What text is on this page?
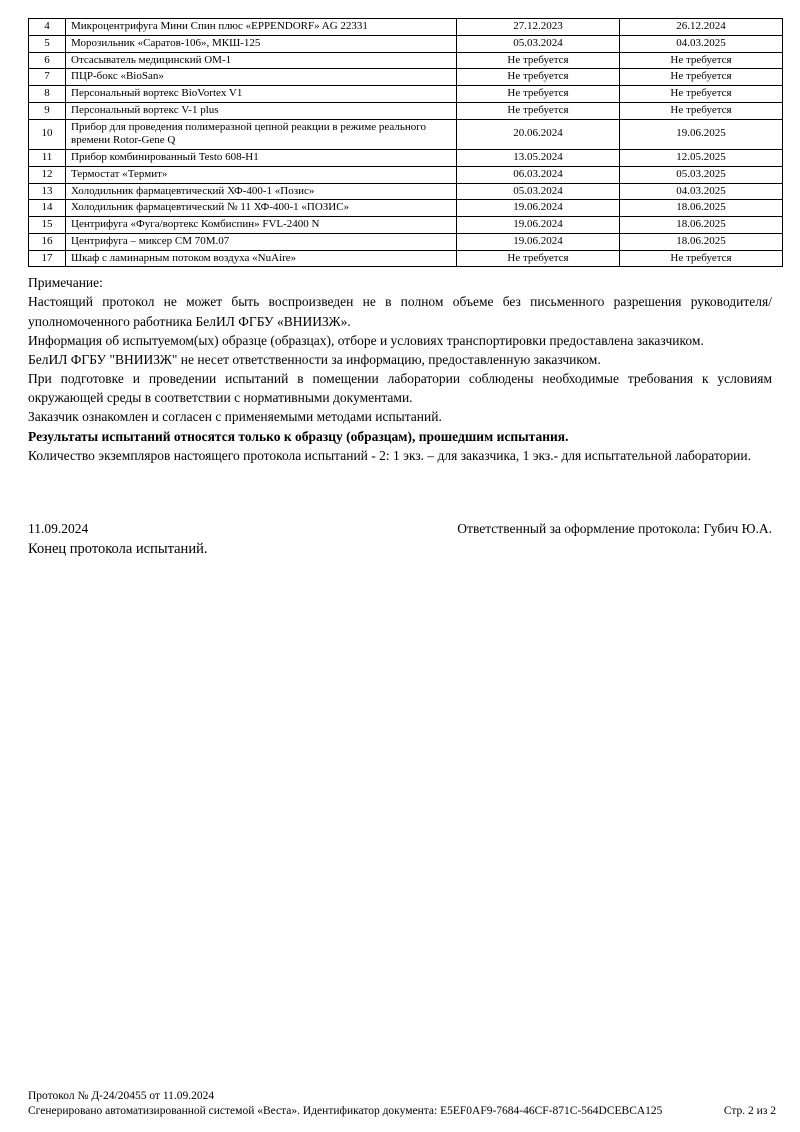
4	Микроцентрифуга Мини Спин плюс «EPPENDORF» AG 22331	27.12.2023	26.12.2024
5	Морозильник «Саратов-106», МКШ-125	05.03.2024	04.03.2025
6	Отсасыватель медицинский ОМ-1	Не требуется	Не требуется
7	ПЦР-бокс «BioSan»	Не требуется	Не требуется
8	Персональный вортекс BioVortex V1	Не требуется	Не требуется
9	Персональный вортекс V-1 plus	Не требуется	Не требуется
10	Прибор для проведения полимеразной цепной реакции в режиме реального времени Rotor-Gene Q	20.06.2024	19.06.2025
11	Прибор комбинированный Testo 608-H1	13.05.2024	12.05.2025
12	Термостат «Термит»	06.03.2024	05.03.2025
13	Холодильник фармацевтический ХФ-400-1 «Позис»	05.03.2024	04.03.2025
14	Холодильник фармацевтический № 11 ХФ-400-1 «ПОЗИС»	19.06.2024	18.06.2025
15	Центрифуга «Фуга/вортекс Комбиспин» FVL-2400 N	19.06.2024	18.06.2025
16	Центрифуга – миксер СМ 70М.07	19.06.2024	18.06.2025
17	Шкаф с ламинарным потоком воздуха «NuAire»	Не требуется	Не требуется

Примечание:

Настоящий протокол не может быть воспроизведен не в полном объеме без письменного разрешения руководителя/уполномоченного работника БелИЛ ФГБУ «ВНИИЗЖ».

Информация об испытуемом(ых) образце (образцах), отборе и условиях транспортировки предоставлена заказчиком.

БелИЛ ФГБУ "ВНИИЗЖ" не несет ответственности за информацию, предоставленную заказчиком.

При подготовке и проведении испытаний в помещении лаборатории соблюдены необходимые требования к условиям окружающей среды в соответствии с нормативными документами.

Заказчик ознакомлен и согласен с применяемыми методами испытаний.

Результаты испытаний относятся только к образцу (образцам), прошедшим испытания.

Количество экземпляров настоящего протокола испытаний - 2: 1 экз. – для заказчика, 1 экз.- для испытательной лаборатории.

11.09.2024	Ответственный за оформление протокола: Губич Ю.А.
Конец протокола испытаний.
Протокол № Д-24/20455 от 11.09.2024
Сгенерировано автоматизированной системой «Веста». Идентификатор документа: E5EF0AF9-7684-46CF-871C-564DCEBCA125	Стр. 2 из 2
